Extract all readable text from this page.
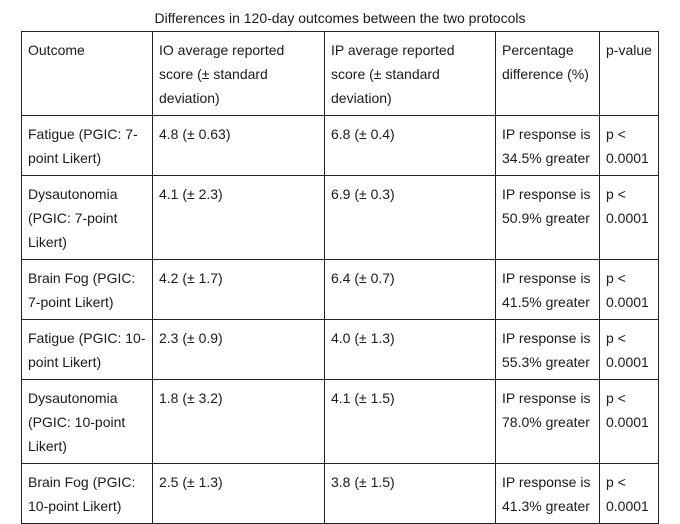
Differences in 120-day outcomes between the two protocols
Outcome	IO average reported score (± standard deviation)	IP average reported score (± standard deviation)	Percentage difference (%)	p-value
Fatigue (PGIC: 7-point Likert)	4.8 (± 0.63)	6.8 (± 0.4)	IP response is 34.5% greater	p < 0.0001
Dysautonomia (PGIC: 7-point Likert)	4.1 (± 2.3)	6.9 (± 0.3)	IP response is 50.9% greater	p < 0.0001
Brain Fog (PGIC: 7-point Likert)	4.2 (± 1.7)	6.4 (± 0.7)	IP response is 41.5% greater	p < 0.0001
Fatigue (PGIC: 10-point Likert)	2.3 (± 0.9)	4.0 (± 1.3)	IP response is 55.3% greater	p < 0.0001
Dysautonomia (PGIC: 10-point Likert)	1.8 (± 3.2)	4.1 (± 1.5)	IP response is 78.0% greater	p < 0.0001
Brain Fog (PGIC: 10-point Likert)	2.5 (± 1.3)	3.8 (± 1.5)	IP response is 41.3% greater	p < 0.0001
